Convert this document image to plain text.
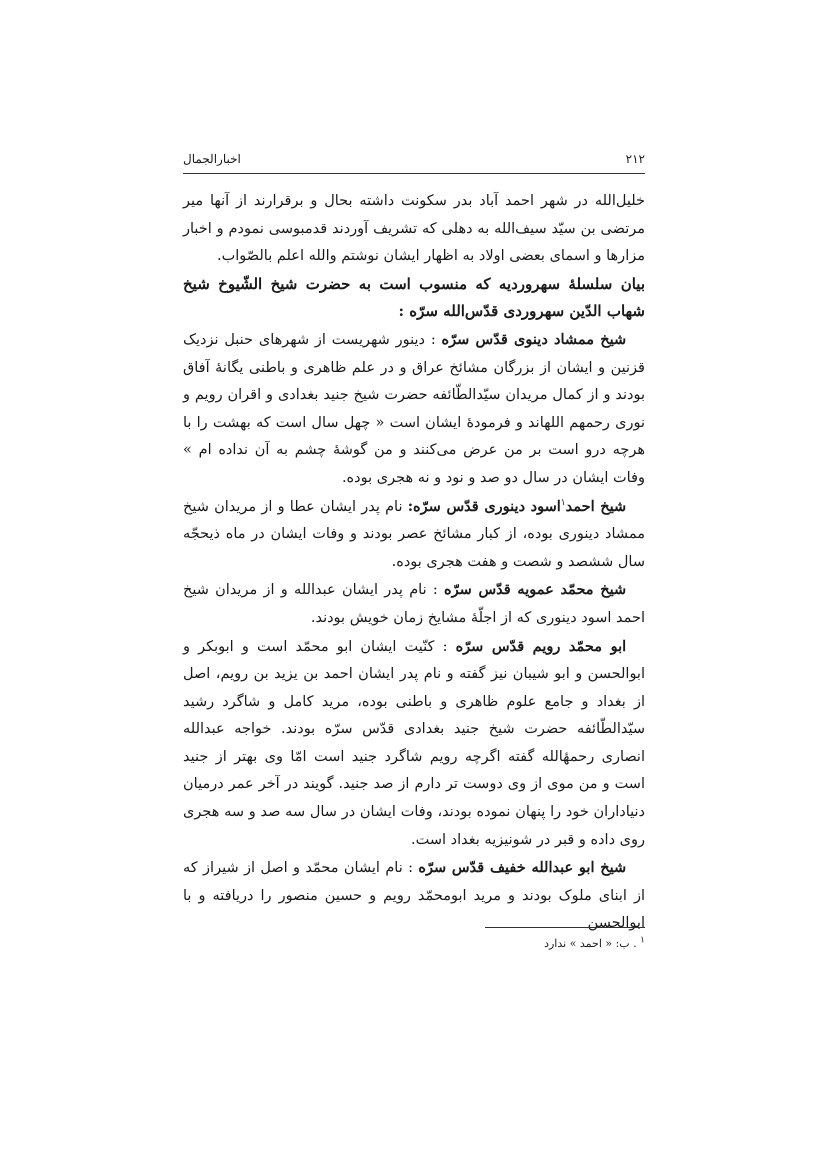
۲۱۲
اخبارالجمال

خلیل‌الله در شهر احمد آباد بدر سکونت داشته بحال و برقرارند از آنها میر مرتضی بن سیّد سیف‌الله به دهلی که تشریف آوردند قدمبوسی نمودم و اخبار مزارها و اسمای بعضی اولاد به اظهار ایشان نوشتم والله اعلم بالصّواب.

بیان سلسلهٔ سهروردیه که منسوب است به حضرت شیخ الشّیوخ شیخ شهاب الدّین سهروردی قدّس‌الله سرّه :

شیخ ممشاد دینوی قدّس سرّه : دینور شهریست از شهرهای حنبل نزدیک قزنین و ایشان از بزرگان مشائخ عراق و در علم ظاهری و باطنی یگانهٔ آفاق بودند و از کمال مریدان سیّدالطّائفه حضرت شیخ جنید بغدادی و اقران رویم و نوری رحمهم اللهاند و فرمودهٔ ایشان است « چهل سال است که بهشت را با هرچه درو است بر من عرض می‌کنند و من گوشهٔ چشم به آن نداده ام » وفات ایشان در سال دو صد و نود و نه هجری بوده.

شیخ احمد$^۱$اسود دینوری قدّس سرّه: نام پدر ایشان عطا و از مریدان شیخ ممشاد دینوری بوده، از کبار مشائخ عصر بودند و وفات ایشان در ماه ذیحجّه سال ششصد و شصت و هفت هجری بوده.

شیخ محمّد عمویه قدّس سرّه : نام پدر ایشان عبدالله و از مریدان شیخ احمد اسود دینوری که از اجلّهٔ مشایخ زمان خویش بودند.

ابو محمّد رویم قدّس سرّه : کنّیت ایشان ابو محمّد است و ابوبکر و ابوالحسن و ابو شیبان نیز گفته و نام پدر ایشان احمد بن یزید بن رویم، اصل از بغداد و جامع علوم ظاهری و باطنی بوده، مرید کامل و شاگرد رشید سیّدالطّائفه حضرت شیخ جنید بغدادی قدّس سرّه بودند. خواجه عبدالله انصاری رحمهٔالله گفته اگرچه رویم شاگرد جنید است امّا وی بهتر از جنید است و من موی از وی دوست تر دارم از صد جنید. گویند در آخر عمر درمیان دنیاداران خود را پنهان نموده بودند، وفات ایشان در سال سه صد و سه هجری روی داده و قبر در شونیزیه بغداد است.

شیخ ابو عبدالله خفیف قدّس سرّه : نام ایشان محمّد و اصل از شیراز که از ابنای ملوک بودند و مرید ابومحمّد رویم و حسین منصور را دریافته و با ابوالحسن

$^۱$ . ب: « احمد » ندارد
